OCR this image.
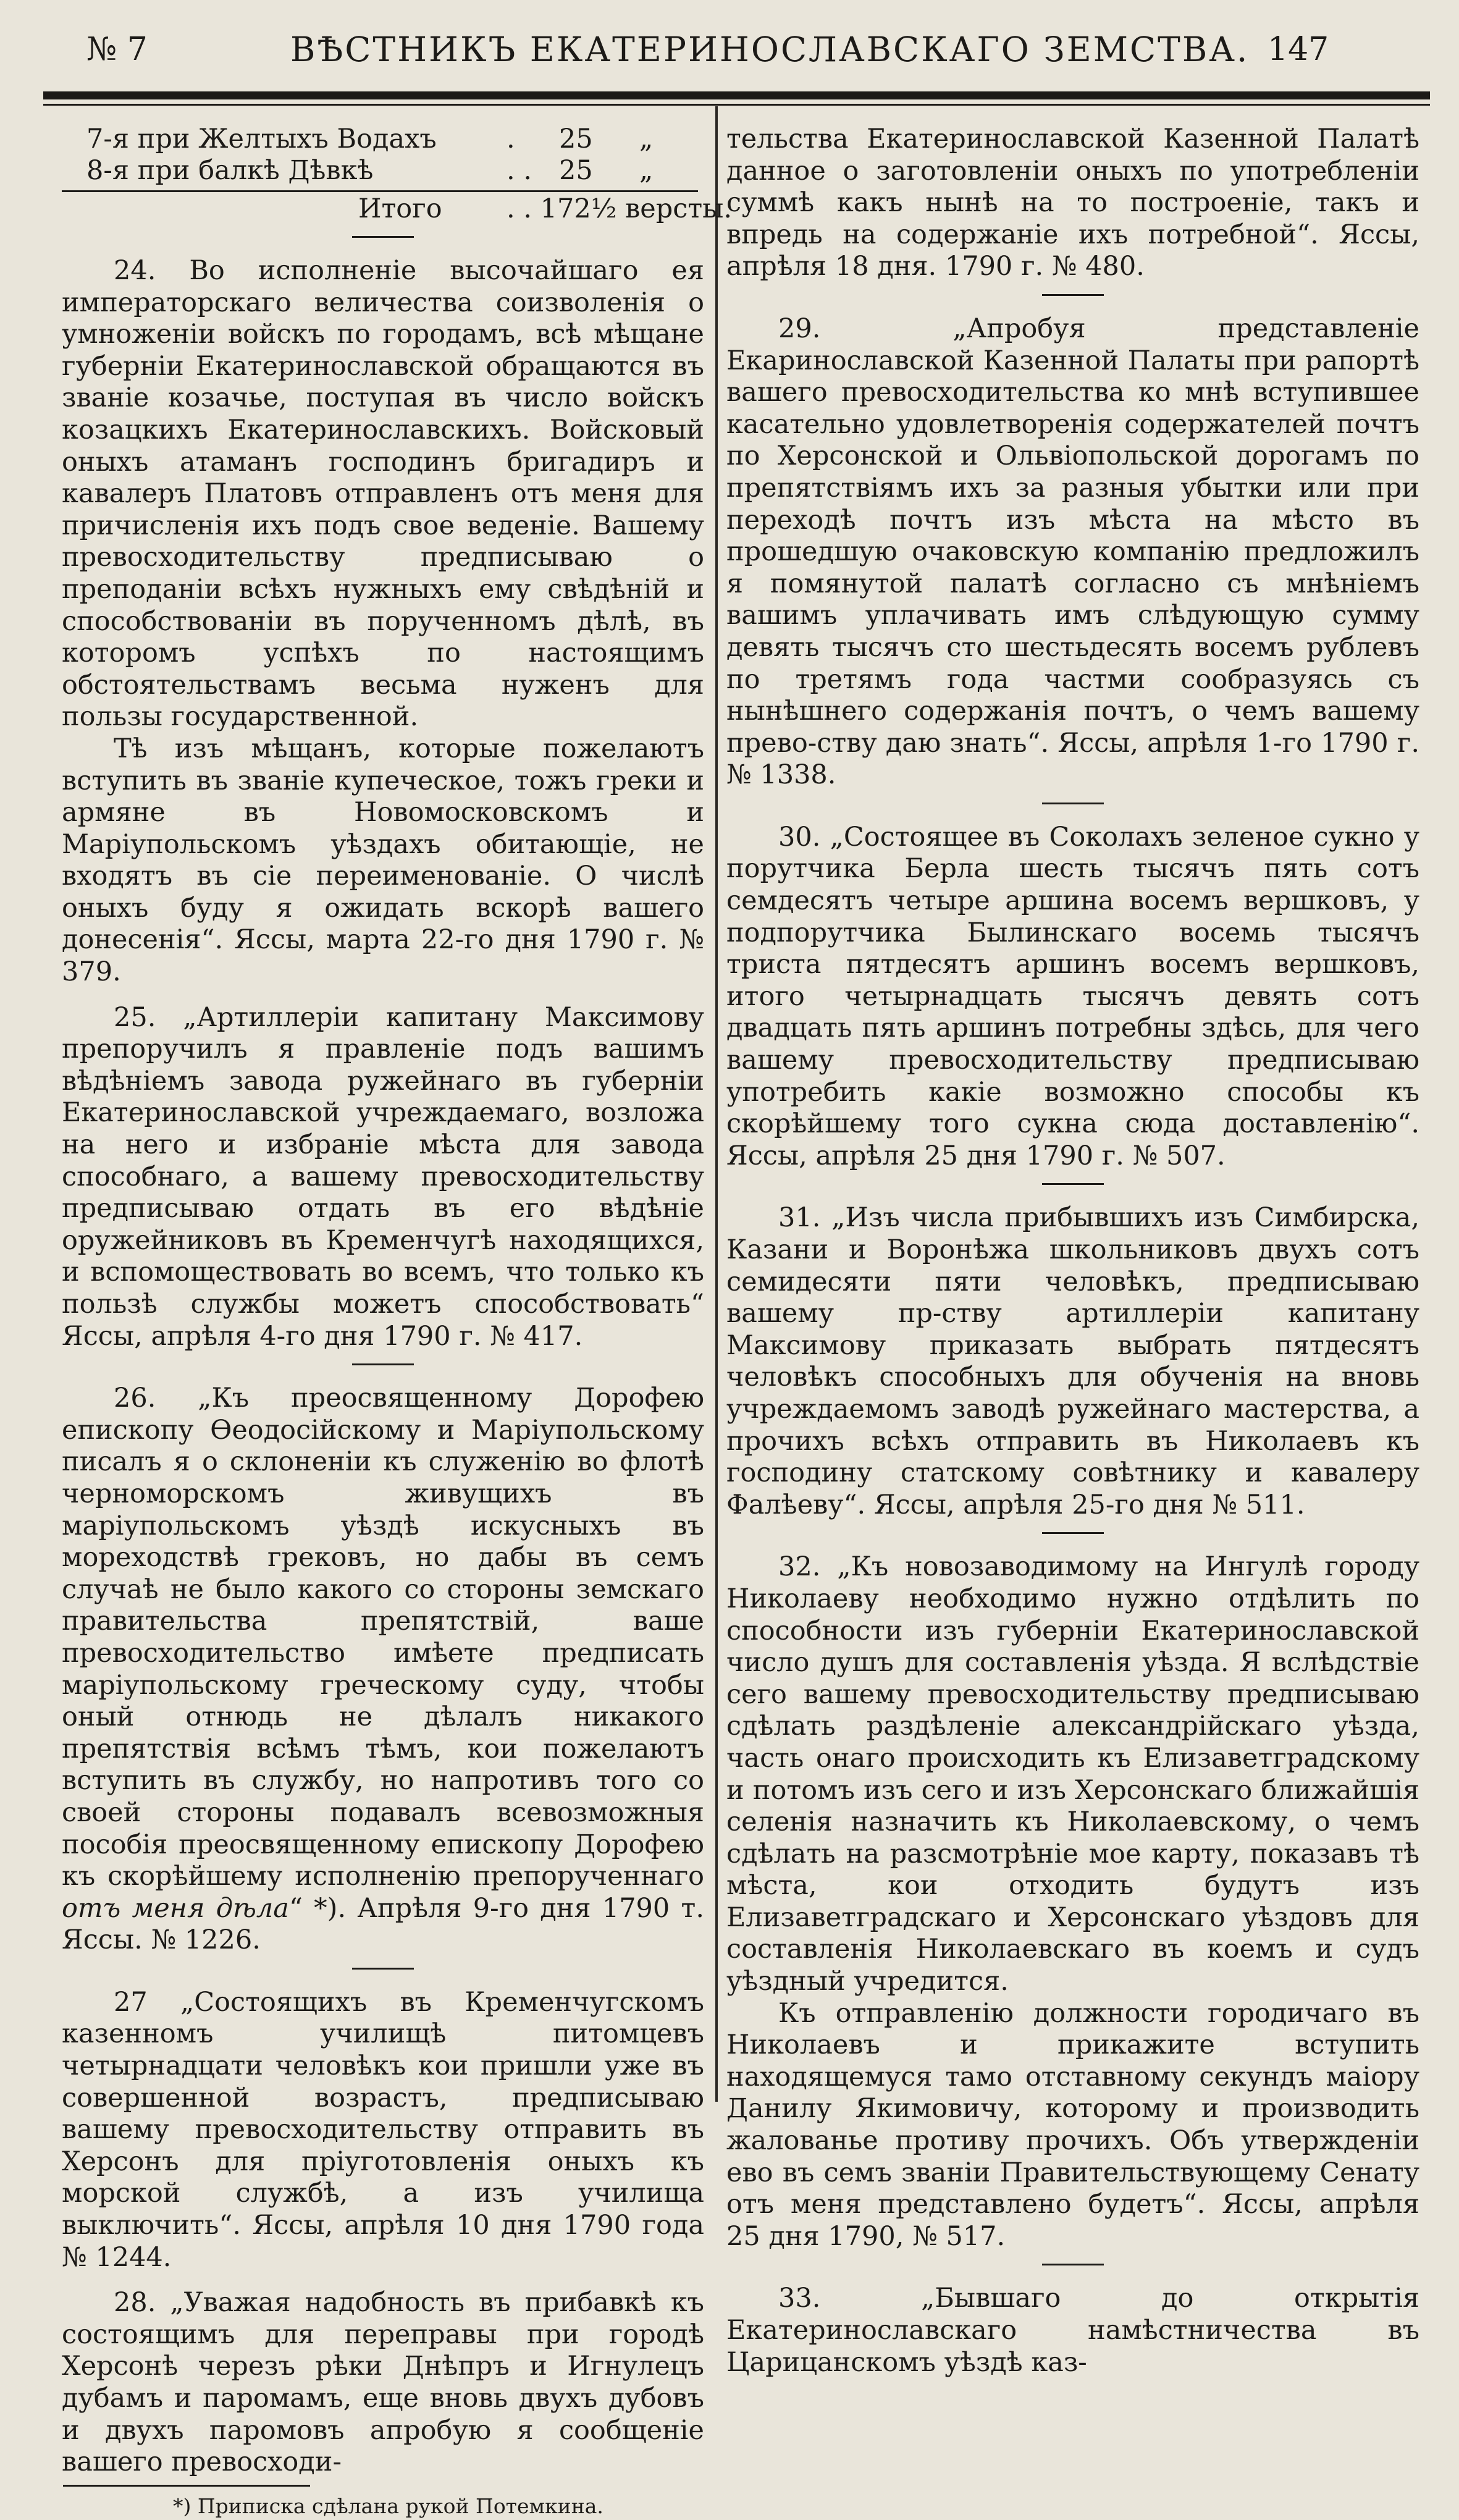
№ 7	ВѢСТНИКЪ ЕКАТЕРИНОСЛАВСКАГО ЗЕМСТВА. 147
7-я при Желтыхъ Водахъ	. 25 „
8-я при балкѣ Дѣвкѣ	. . 25 „
Итого . . 172½ версты.

24. Во исполненіе высочайшаго ея императорскаго величества соизволенія о умноженіи войскъ по городамъ, всѣ мѣщане губерніи Екатеринославской обращаются въ званіе козачье, поступая въ число войскъ козацкихъ Екатеринославскихъ. Войсковый оныхъ атаманъ господинъ бригадиръ и кавалеръ Платовъ отправленъ отъ меня для причисленія ихъ подъ свое веденіе. Вашему превосходительству предписываю о преподаніи всѣхъ нужныхъ ему свѣдѣній и способствованіи въ порученномъ дѣлѣ, въ которомъ успѣхъ по настоящимъ обстоятельствамъ весьма нуженъ для пользы государственной.

Тѣ изъ мѣщанъ, которые пожелаютъ вступить въ званіе купеческое, тожъ греки и армяне въ Новомосковскомъ и Маріупольскомъ уѣздахъ обитающіе, не входятъ въ сіе переименованіе. О числѣ оныхъ буду я ожидать вскорѣ вашего донесенія“. Яссы, марта 22-го дня 1790 г. № 379.

25. „Артиллеріи капитану Максимову препоручилъ я правленіе подъ вашимъ вѣдѣніемъ завода ружейнаго въ губерніи Екатеринославской учреждаемаго, возложа на него и избраніе мѣста для завода способнаго, а вашему превосходительству предписываю отдать въ его вѣдѣніе оружейниковъ въ Кременчугѣ находящихся, и вспомоществовать во всемъ, что только къ пользѣ службы можетъ способствовать“ Яссы, апрѣля 4-го дня 1790 г. № 417.

26. „Къ преосвященному Дорофею епископу Ѳеодосійскому и Маріупольскому писалъ я о склоненіи къ служенію во флотѣ черноморскомъ живущихъ въ маріупольскомъ уѣздѣ искусныхъ въ мореходствѣ грековъ, но дабы въ семъ случаѣ не было какого со стороны земскаго правительства препятствій, ваше превосходительство имѣете предписать маріупольскому греческому суду, чтобы оный отнюдь не дѣлалъ никакого препятствія всѣмъ тѣмъ, кои пожелаютъ вступить въ службу, но напротивъ того со своей стороны подавалъ всевозможныя пособія преосвященному епископу Дорофею къ скорѣйшему исполненію препорученнаго отъ меня дѣла“ *). Апрѣля 9-го дня 1790 т. Яссы. № 1226.

27 „Состоящихъ въ Кременчугскомъ казенномъ училищѣ питомцевъ четырнадцати человѣкъ кои пришли уже въ совершенной возрастъ, предписываю вашему превосходительству отправить въ Херсонъ для пріуготовленія оныхъ къ морской службѣ, а изъ училища выключить“. Яссы, апрѣля 10 дня 1790 года № 1244.

28. „Уважая надобность въ прибавкѣ къ состоящимъ для переправы при городѣ Херсонѣ черезъ рѣки Днѣпръ и Игнулецъ дубамъ и паромамъ, еще вновь двухъ дубовъ и двухъ паромовъ апробую я сообщеніе вашего превосходи-

*) Приписка сдѣлана рукой Потемкина.

тельства Екатеринославской Казенной Палатѣ данное о заготовленіи оныхъ по употребленіи суммѣ какъ нынѣ на то построеніе, такъ и впредь на содержаніе ихъ потребной“. Яссы, апрѣля 18 дня. 1790 г. № 480.

29. „Апробуя представленіе Екариноcлавской Казенной Палаты при рапортѣ вашего превосходительства ко мнѣ вступившее касательно удовлетворенія содержателей почтъ по Херсонской и Ольвіопольской дорогамъ по препятствіямъ ихъ за разныя убытки или при переходѣ почтъ изъ мѣста на мѣсто въ прошедшую очаковскую компанію предложилъ я помянутой палатѣ согласно съ мнѣніемъ вашимъ уплачивать имъ слѣдующую сумму девять тысячъ сто шестьдесять восемъ рублевъ по третямъ года частми сообразуясь съ нынѣшнего содержанія почтъ, о чемъ вашему прево-ству даю знать“. Яссы, апрѣля 1-го 1790 г. № 1338.

30. „Состоящее въ Соколахъ зеленое сукно у порутчика Берла шесть тысячъ пять сотъ семдесятъ четыре аршина восемъ вершковъ, у подпорутчика Былинскаго восемь тысячъ триста пятдесятъ аршинъ восемъ вершковъ, итого четырнадцать тысячъ девять сотъ двадцать пять аршинъ потребны здѣсь, для чего вашему превосходительству предписываю употребить какіе возможно способы къ скорѣйшему того сукна сюда доставленію“. Яссы, апрѣля 25 дня 1790 г. № 507.

31. „Изъ числа прибывшихъ изъ Симбирска, Казани и Воронѣжа школьниковъ двухъ сотъ семидесяти пяти человѣкъ, предписываю вашему пр-ству артиллеріи капитану Максимову приказать выбрать пятдесятъ человѣкъ способныхъ для обученія на вновь учреждаемомъ заводѣ ружейнаго мастерства, а прочихъ всѣхъ отправить въ Николаевъ къ господину статскому совѣтнику и кавалеру Фалѣеву“. Яссы, апрѣля 25-го дня № 511.

32. „Къ новозаводимому на Ингулѣ городу Николаеву необходимо нужно отдѣлить по способности изъ губерніи Екатеринославской число душъ для составленія уѣзда. Я вслѣдствіе сего вашему превосходительству предписываю сдѣлать раздѣленіе александрійскаго уѣзда, часть онаго происходить къ Елизаветградскому и потомъ изъ сего и изъ Херсонскаго ближайшія селенія назначить къ Николаевскому, о чемъ сдѣлать на разсмотрѣніе мое карту, показавъ тѣ мѣста, кои отходить будутъ изъ Елизаветградскаго и Херсонскаго уѣздовъ для составленія Николаевскаго въ коемъ и судъ уѣздный учредится.

Къ отправленію должности городичаго въ Николаевъ и прикажите вступить находящемуся тамо отставному секундъ маіору Данилу Якимовичу, которому и производить жалованье противу прочихъ. Объ утвержденіи ево въ семъ званіи Правительствующему Сенату отъ меня представлено будетъ“. Яссы, апрѣля 25 дня 1790, № 517.

33. „Бывшаго до открытія Екатеринославскаго намѣстничества въ Царицанскомъ уѣздѣ каз-
